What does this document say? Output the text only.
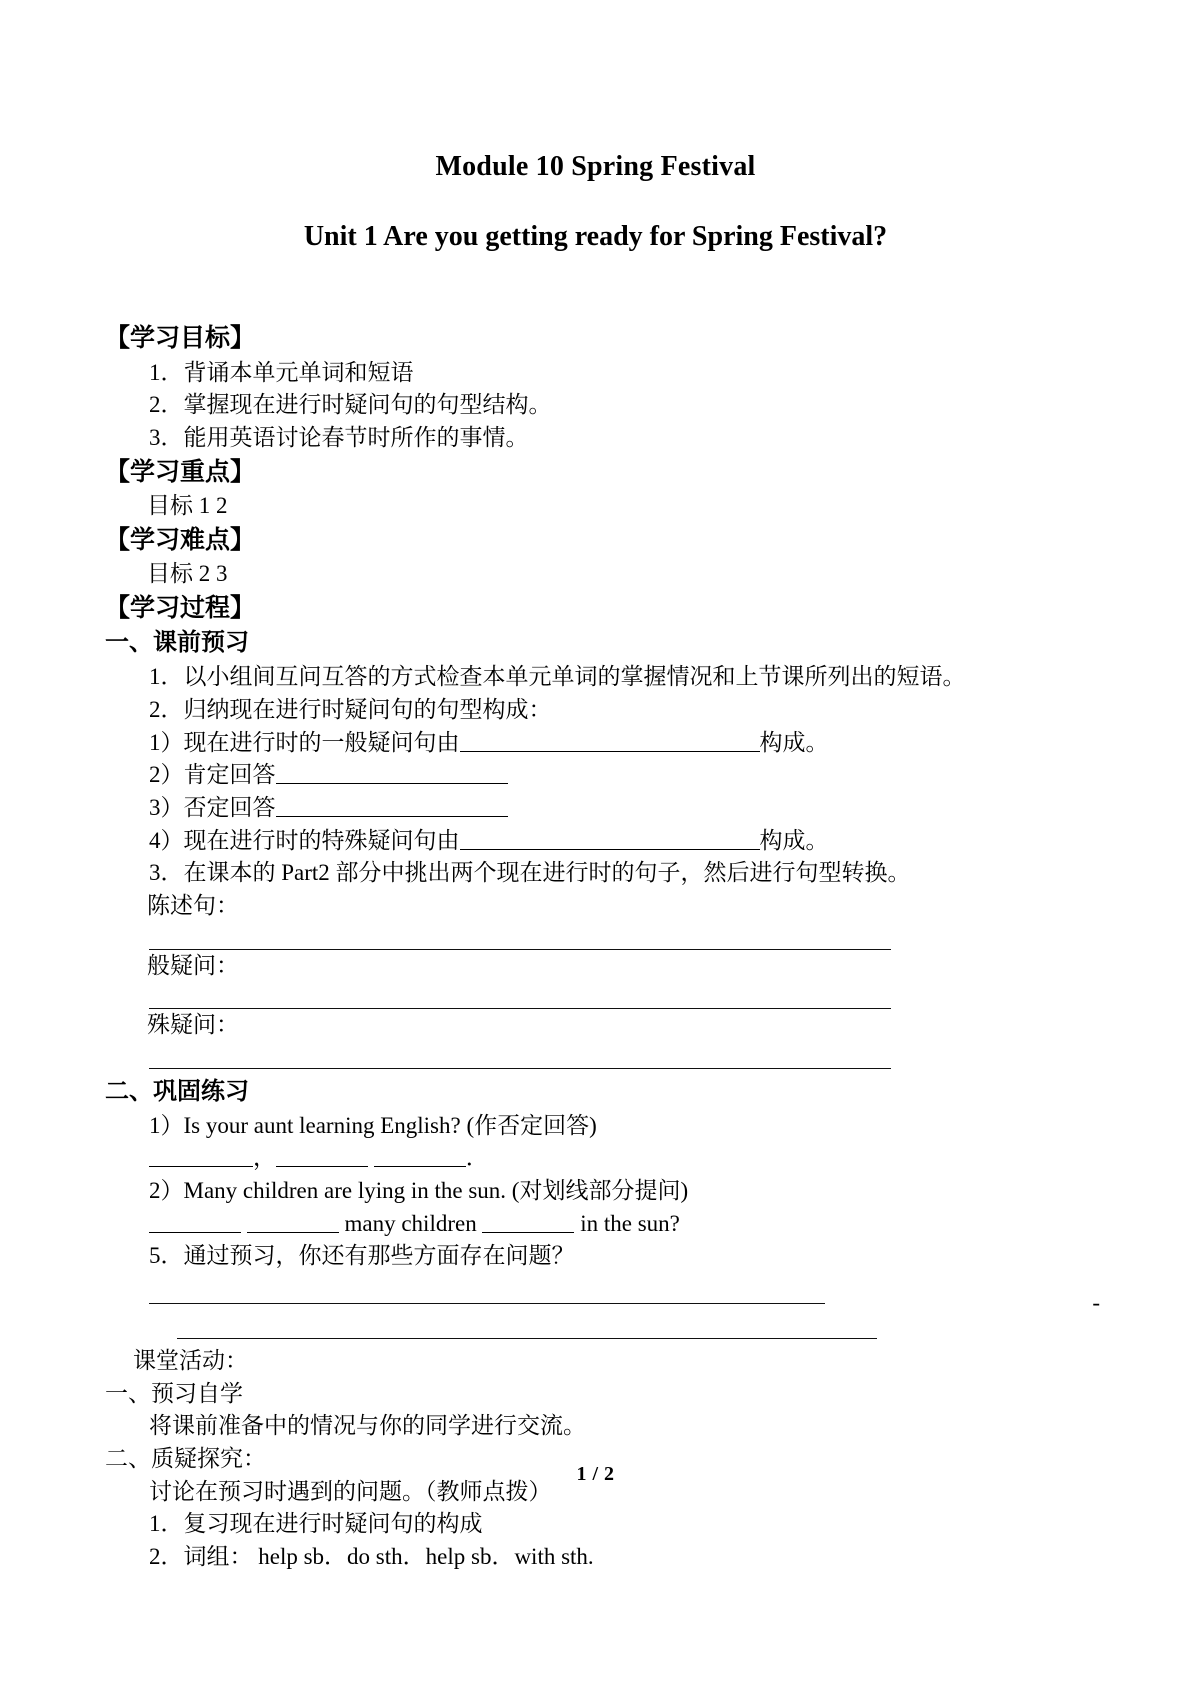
Module 10 Spring Festival
Unit 1 Are you getting ready for Spring Festival?

【学习目标】

1．背诵本单元单词和短语

2．掌握现在进行时疑问句的句型结构。

3．能用英语讨论春节时所作的事情。

【学习重点】

目标 1 2

【学习难点】

目标 2 3

【学习过程】

一、课前预习

1．以小组间互问互答的方式检查本单元单词的掌握情况和上节课所列出的短语。

2．归纳现在进行时疑问句的句型构成：

1）现在进行时的一般疑问句由	构成。

2）肯定回答

3）否定回答

4）现在进行时的特殊疑问句由	构成。

3．在课本的 Part2 部分中挑出两个现在进行时的句子，然后进行句型转换。

陈述句：

般疑问：

殊疑问：

二、巩固练习

1）Is your aunt learning English? (作否定回答)

，	．

2）Many children are lying in the sun. (对划线部分提问)

many children	in the sun?

5．通过预习，你还有那些方面存在问题？

-

课堂活动：

一、预习自学

将课前准备中的情况与你的同学进行交流。

二、质疑探究：

讨论在预习时遇到的问题。（教师点拨）

1．复习现在进行时疑问句的构成

2．词组： help sb．do sth．help sb．with sth.

1 / 2
